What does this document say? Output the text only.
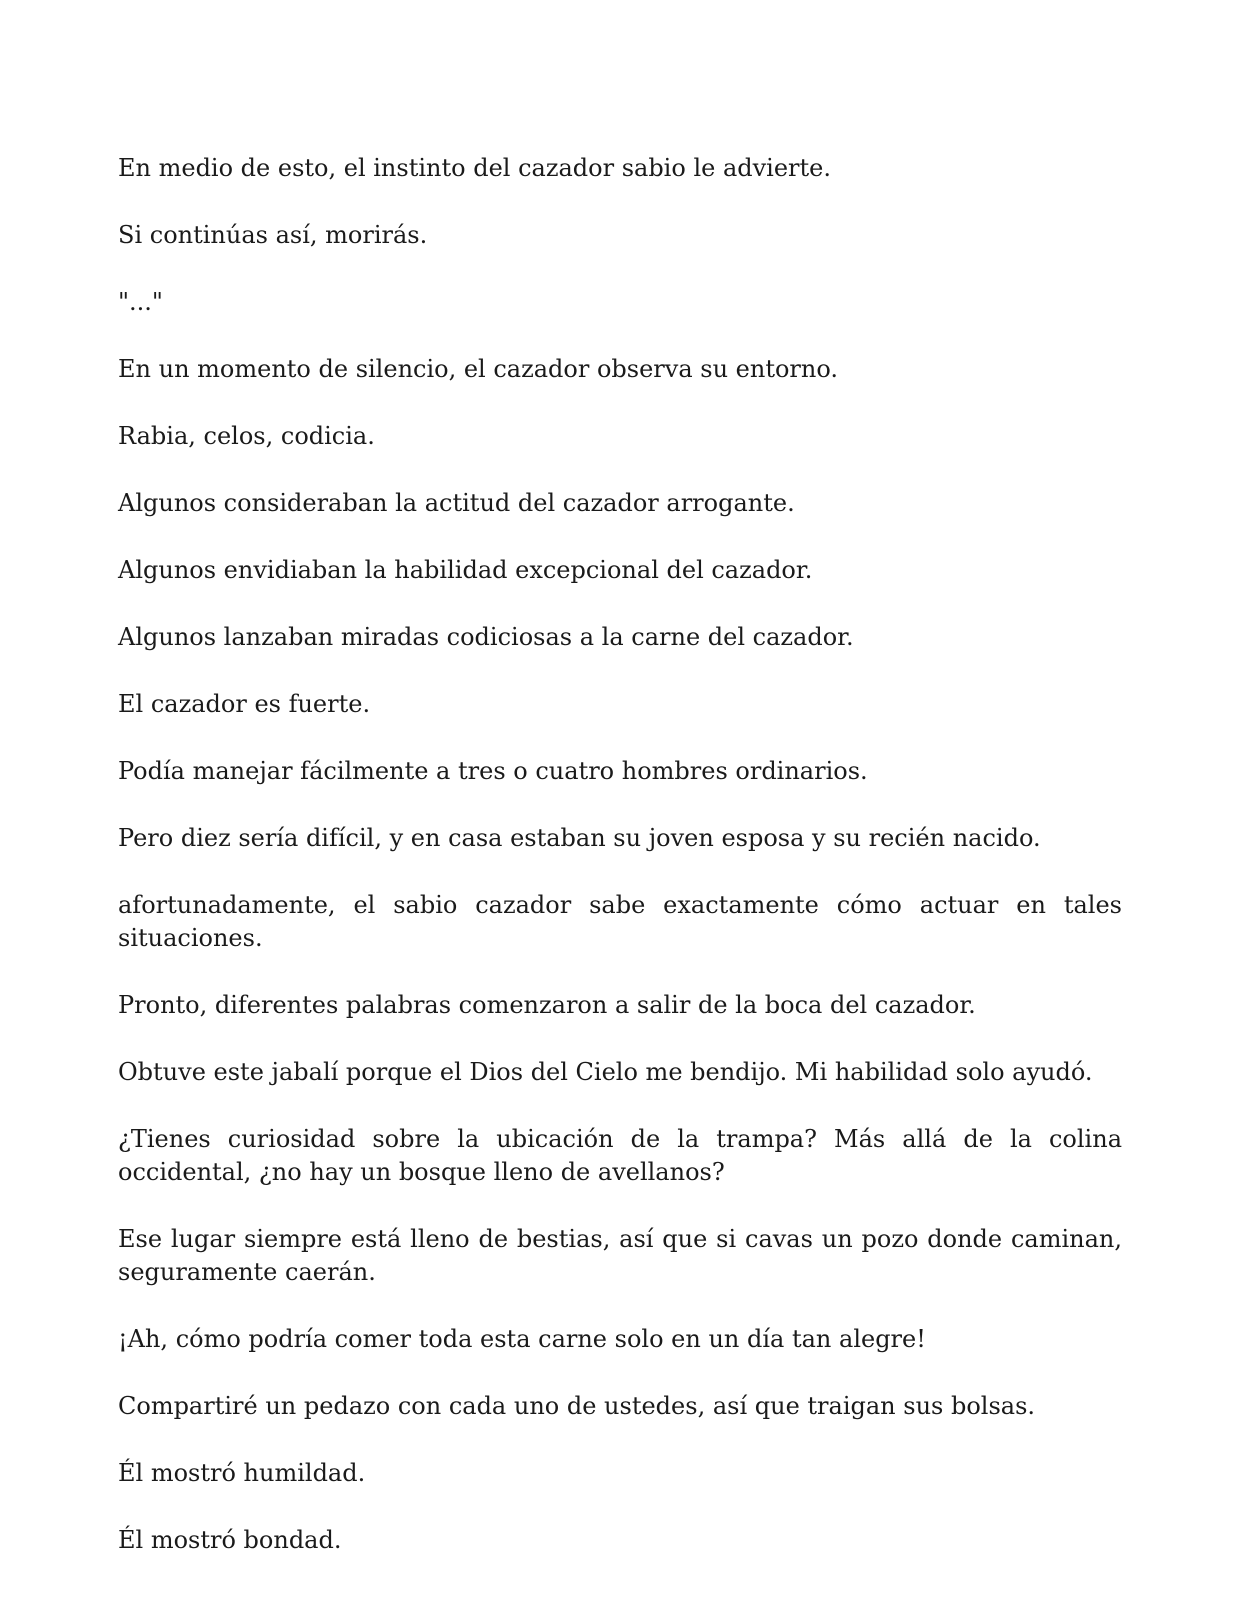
En medio de esto, el instinto del cazador sabio le advierte.

Si continúas así, morirás.

"..."

En un momento de silencio, el cazador observa su entorno.

Rabia, celos, codicia.

Algunos consideraban la actitud del cazador arrogante.

Algunos envidiaban la habilidad excepcional del cazador.

Algunos lanzaban miradas codiciosas a la carne del cazador.

El cazador es fuerte.

Podía manejar fácilmente a tres o cuatro hombres ordinarios.

Pero diez sería difícil, y en casa estaban su joven esposa y su recién nacido.

afortunadamente, el sabio cazador sabe exactamente cómo actuar en tales situaciones.

Pronto, diferentes palabras comenzaron a salir de la boca del cazador.

Obtuve este jabalí porque el Dios del Cielo me bendijo. Mi habilidad solo ayudó.

¿Tienes curiosidad sobre la ubicación de la trampa? Más allá de la colina occidental, ¿no hay un bosque lleno de avellanos?

Ese lugar siempre está lleno de bestias, así que si cavas un pozo donde caminan, seguramente caerán.

¡Ah, cómo podría comer toda esta carne solo en un día tan alegre!

Compartiré un pedazo con cada uno de ustedes, así que traigan sus bolsas.

Él mostró humildad.

Él mostró bondad.
